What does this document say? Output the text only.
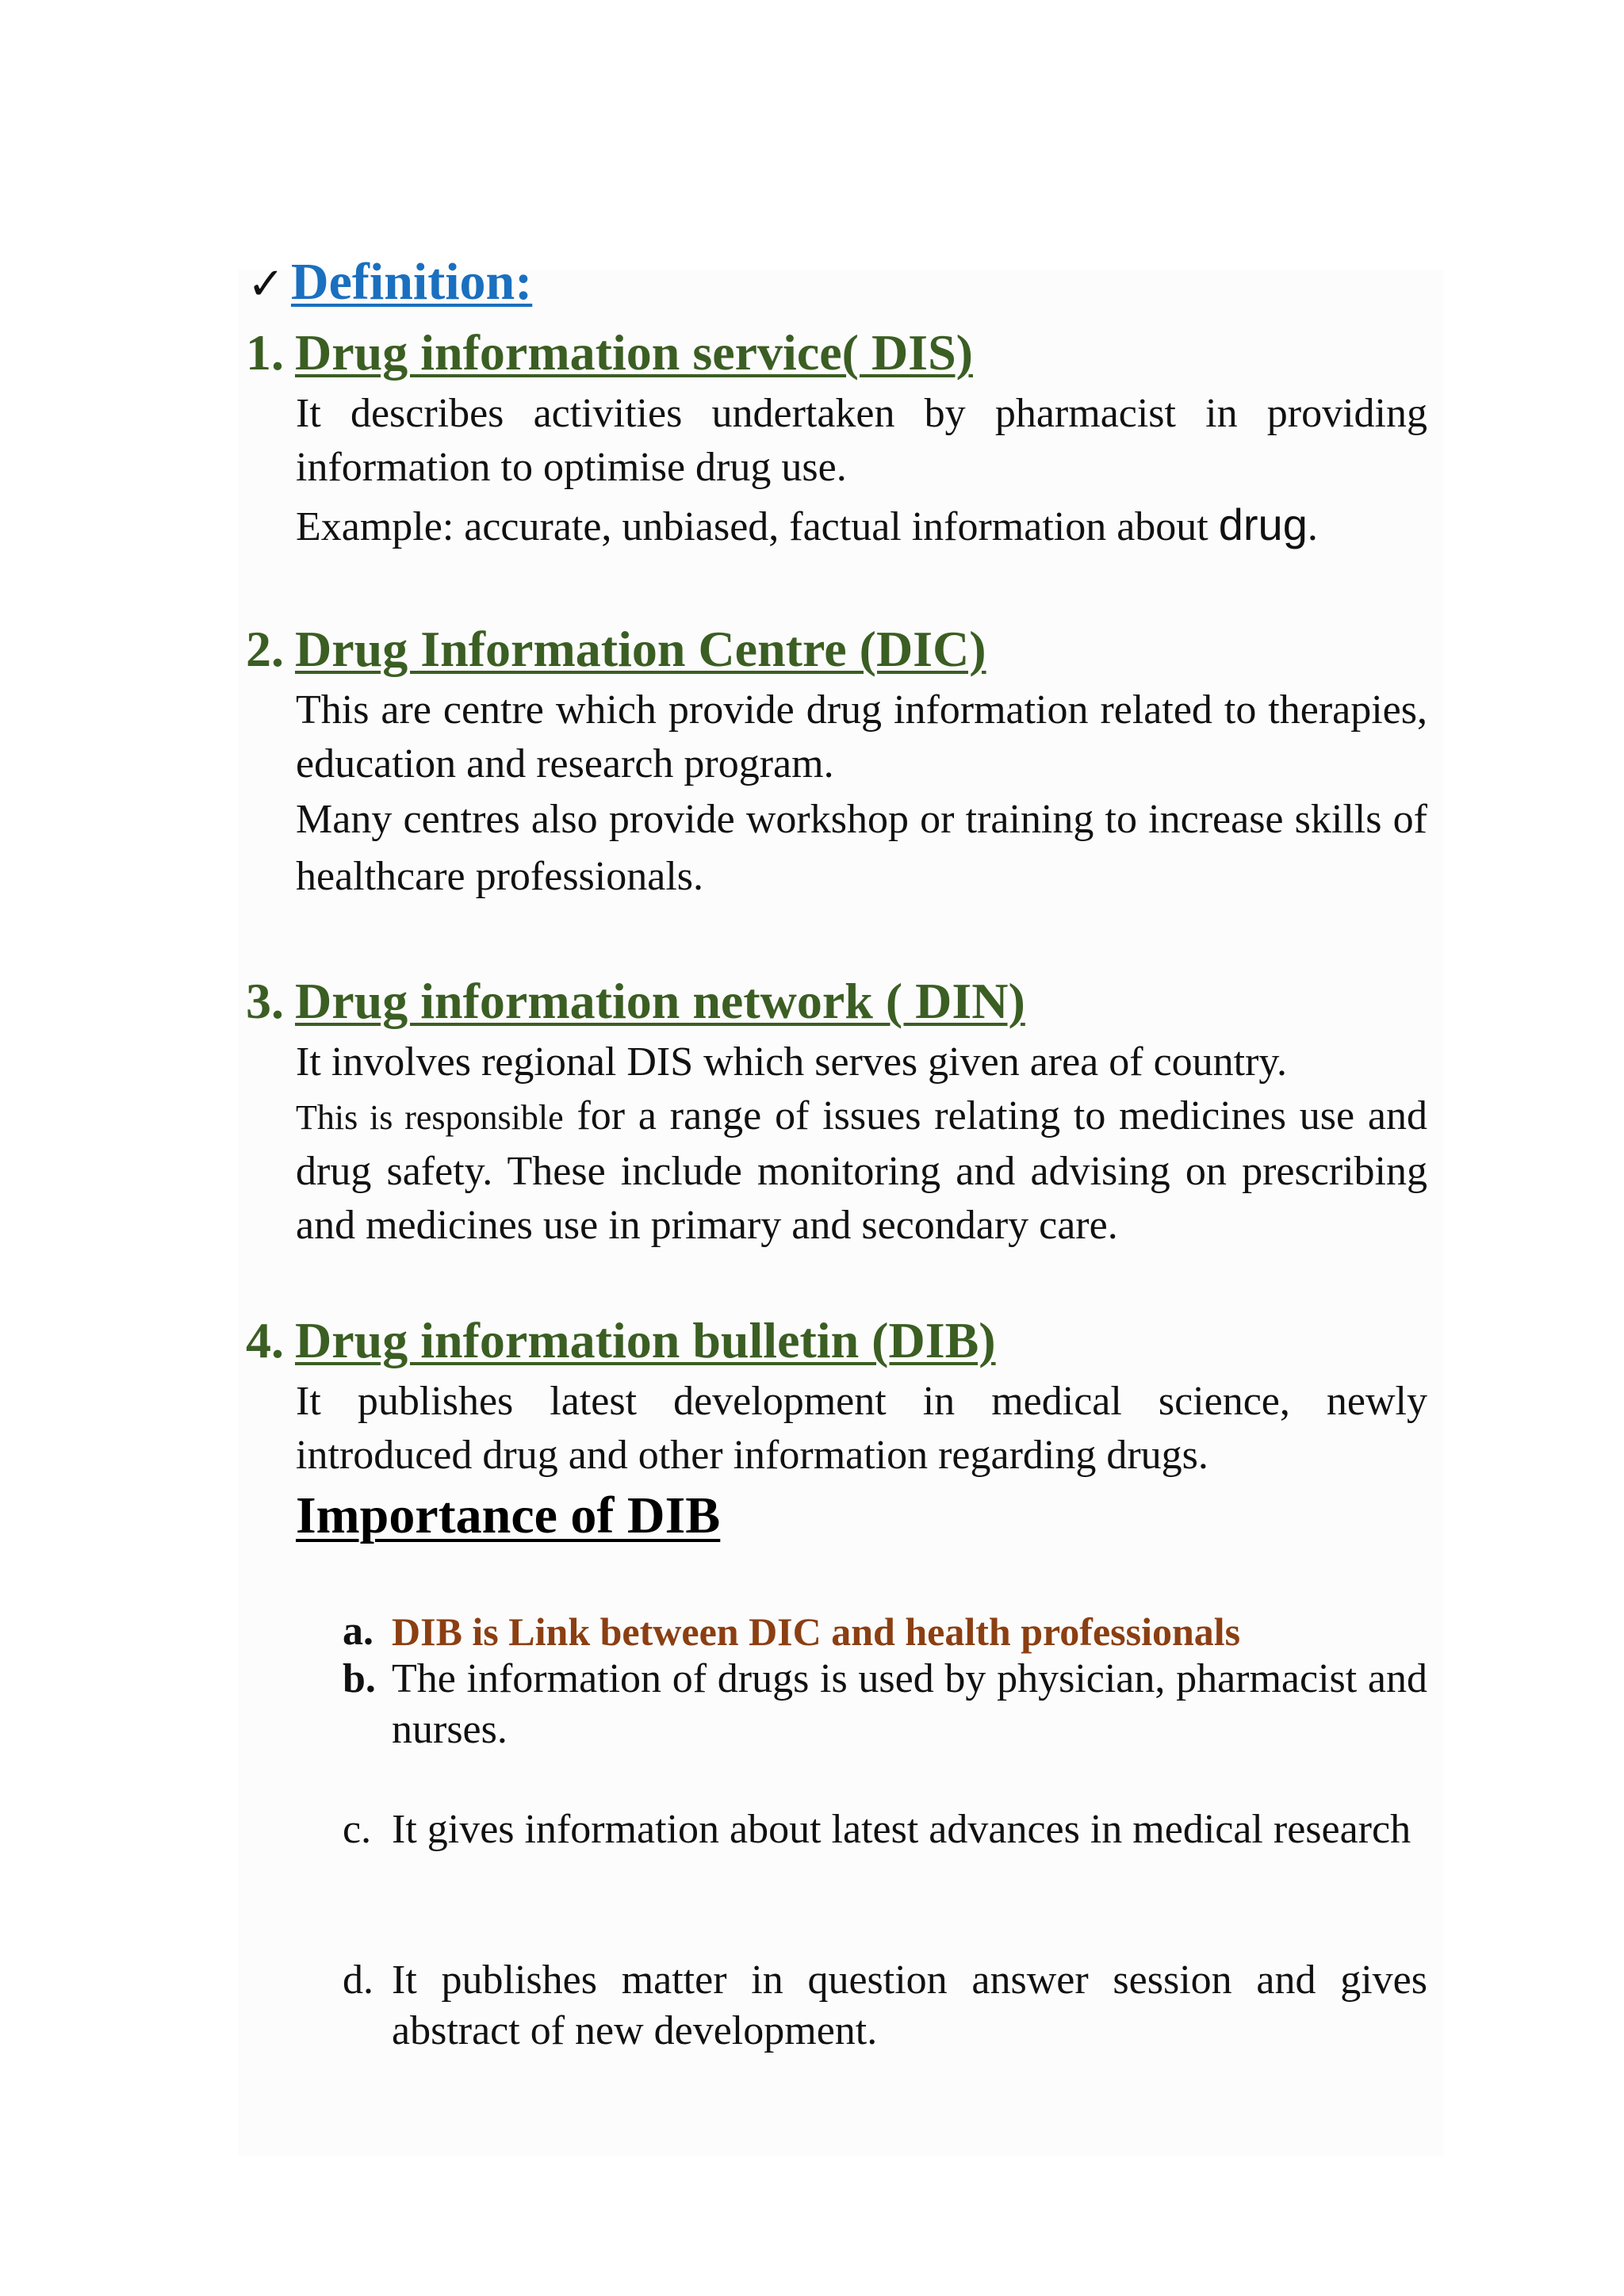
✓ Definition:
1. Drug information service( DIS)

It describes activities undertaken by pharmacist in providing information to optimise drug use.

Example: accurate, unbiased, factual information about drug.

2. Drug Information Centre (DIC)

This are centre which provide drug information related to therapies, education and research program.

Many centres also provide workshop or training to increase skills of healthcare professionals.

3. Drug information network ( DIN)

It involves regional DIS which serves given area of country.

This is responsible for a range of issues relating to medicines use and drug safety. These include monitoring and advising on prescribing and medicines use in primary and secondary care.

4. Drug information bulletin (DIB)

It publishes latest development in medical science, newly introduced drug and other information regarding drugs.

Importance of DIB
a. DIB is Link between DIC and health professionals
b. The information of drugs is used by physician, pharmacist and nurses.
c. It gives information about latest advances in medical research
d. It publishes matter in question answer session and gives abstract of new development.
